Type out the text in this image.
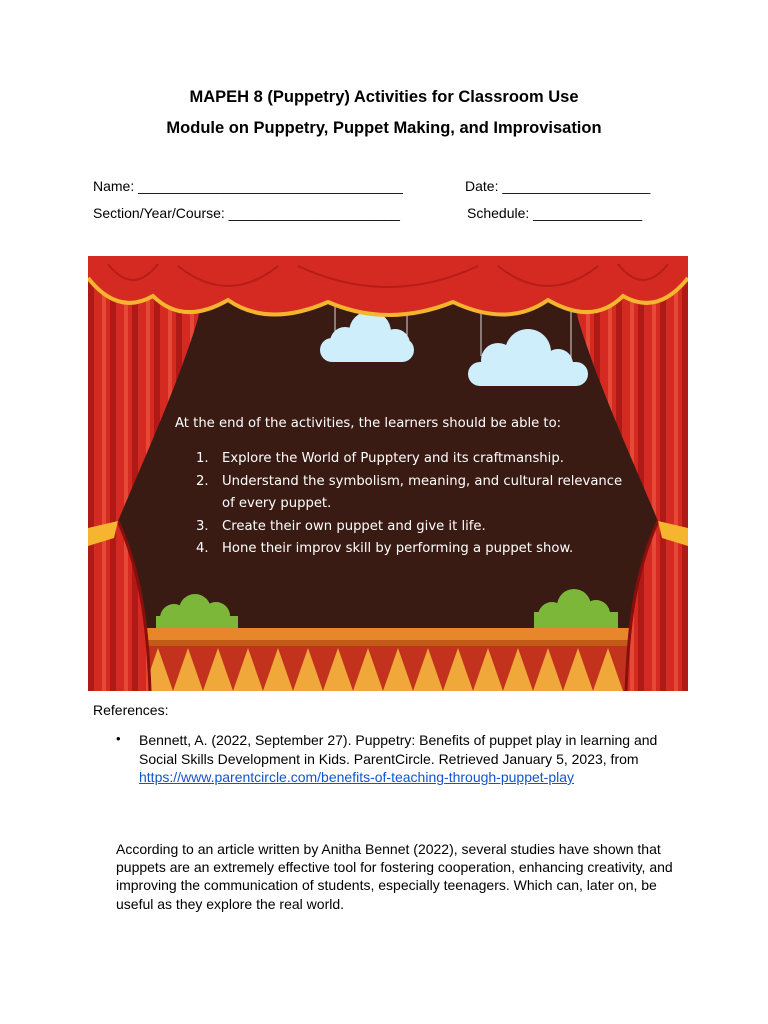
MAPEH 8 (Puppetry) Activities for Classroom Use
Module on Puppetry, Puppet Making, and Improvisation
Name: __________________________________	Date: ___________________
Section/Year/Course: ______________________	Schedule: ______________
At the end of the activities, the learners should be able to:
1. Explore the World of Pupptery and its craftmanship.
2. Understand the symbolism, meaning, and cultural relevance of every puppet.
3. Create their own puppet and give it life.
4. Hone their improv skill by performing a puppet show.
References:
• Bennett, A. (2022, September 27). Puppetry: Benefits of puppet play in learning and Social Skills Development in Kids. ParentCircle. Retrieved January 5, 2023, from https://www.parentcircle.com/benefits-of-teaching-through-puppet-play
According to an article written by Anitha Bennet (2022), several studies have shown that puppets are an extremely effective tool for fostering cooperation, enhancing creativity, and improving the communication of students, especially teenagers. Which can, later on, be useful as they explore the real world.
